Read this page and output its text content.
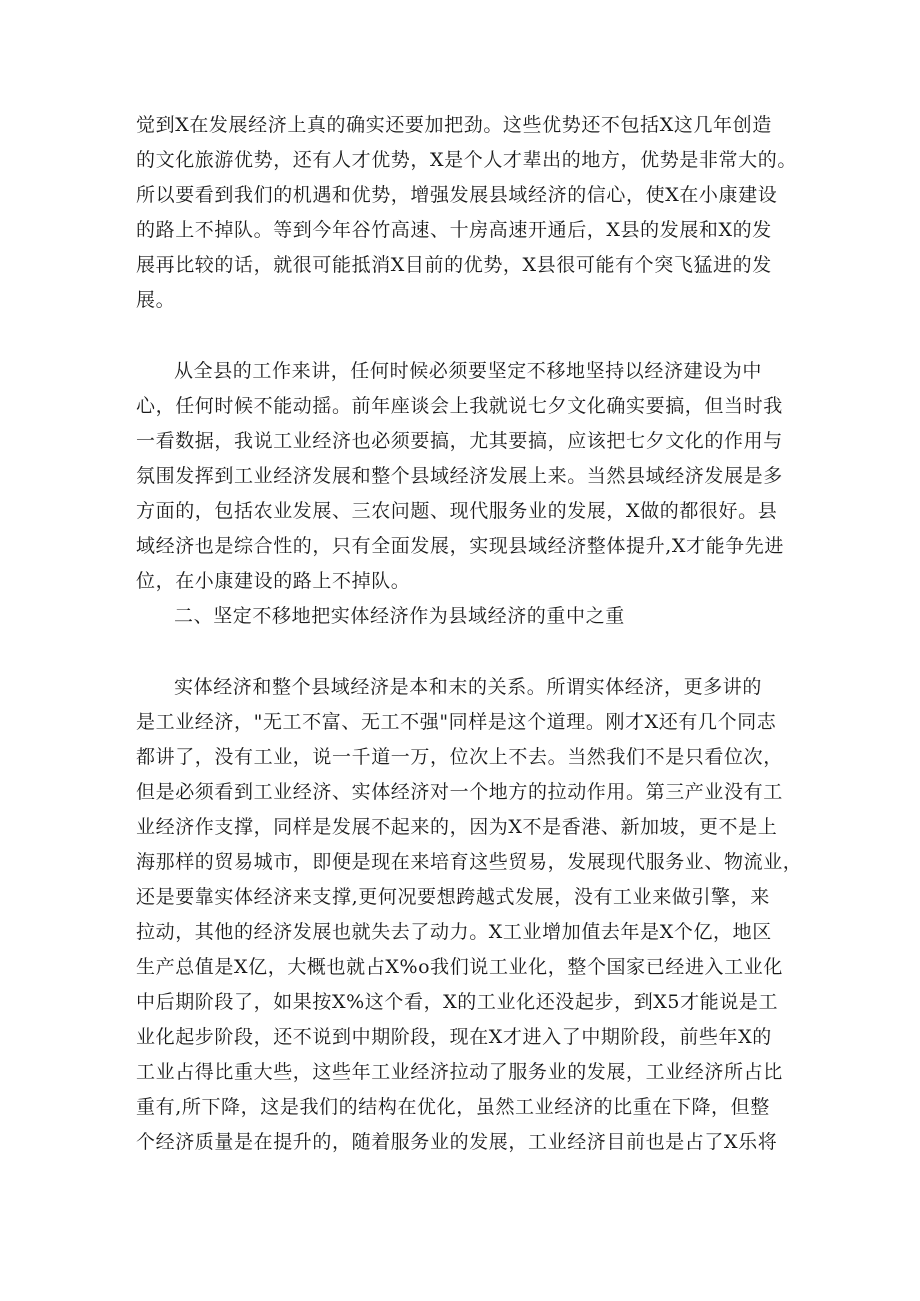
觉到X在发展经济上真的确实还要加把劲。这些优势还不包括X这几年创造
的文化旅游优势，还有人才优势，X是个人才辈出的地方，优势是非常大的。
所以要看到我们的机遇和优势，增强发展县域经济的信心，使X在小康建设
的路上不掉队。等到今年谷竹高速、十房高速开通后，X县的发展和X的发
展再比较的话，就很可能抵消X目前的优势，X县很可能有个突飞猛进的发
展。

从全县的工作来讲，任何时候必须要坚定不移地坚持以经济建设为中
心，任何时候不能动摇。前年座谈会上我就说七夕文化确实要搞，但当时我
一看数据，我说工业经济也必须要搞，尤其要搞，应该把七夕文化的作用与
氛围发挥到工业经济发展和整个县域经济发展上来。当然县域经济发展是多
方面的，包括农业发展、三农问题、现代服务业的发展，X做的都很好。县
域经济也是综合性的，只有全面发展，实现县域经济整体提升,X才能争先进
位，在小康建设的路上不掉队。

二、坚定不移地把实体经济作为县域经济的重中之重

实体经济和整个县域经济是本和末的关系。所谓实体经济，更多讲的
是工业经济，"无工不富、无工不强"同样是这个道理。刚才X还有几个同志
都讲了，没有工业，说一千道一万，位次上不去。当然我们不是只看位次，
但是必须看到工业经济、实体经济对一个地方的拉动作用。第三产业没有工
业经济作支撑，同样是发展不起来的，因为X不是香港、新加坡，更不是上
海那样的贸易城市，即便是现在来培育这些贸易，发展现代服务业、物流业，
还是要靠实体经济来支撑,更何况要想跨越式发展，没有工业来做引擎，来
拉动，其他的经济发展也就失去了动力。X工业增加值去年是X个亿，地区
生产总值是X亿，大概也就占X%o我们说工业化，整个国家已经进入工业化
中后期阶段了，如果按X%这个看，X的工业化还没起步，到X5才能说是工
业化起步阶段，还不说到中期阶段，现在X才进入了中期阶段，前些年X的
工业占得比重大些，这些年工业经济拉动了服务业的发展，工业经济所占比
重有,所下降，这是我们的结构在优化，虽然工业经济的比重在下降，但整
个经济质量是在提升的，随着服务业的发展，工业经济目前也是占了X乐将
